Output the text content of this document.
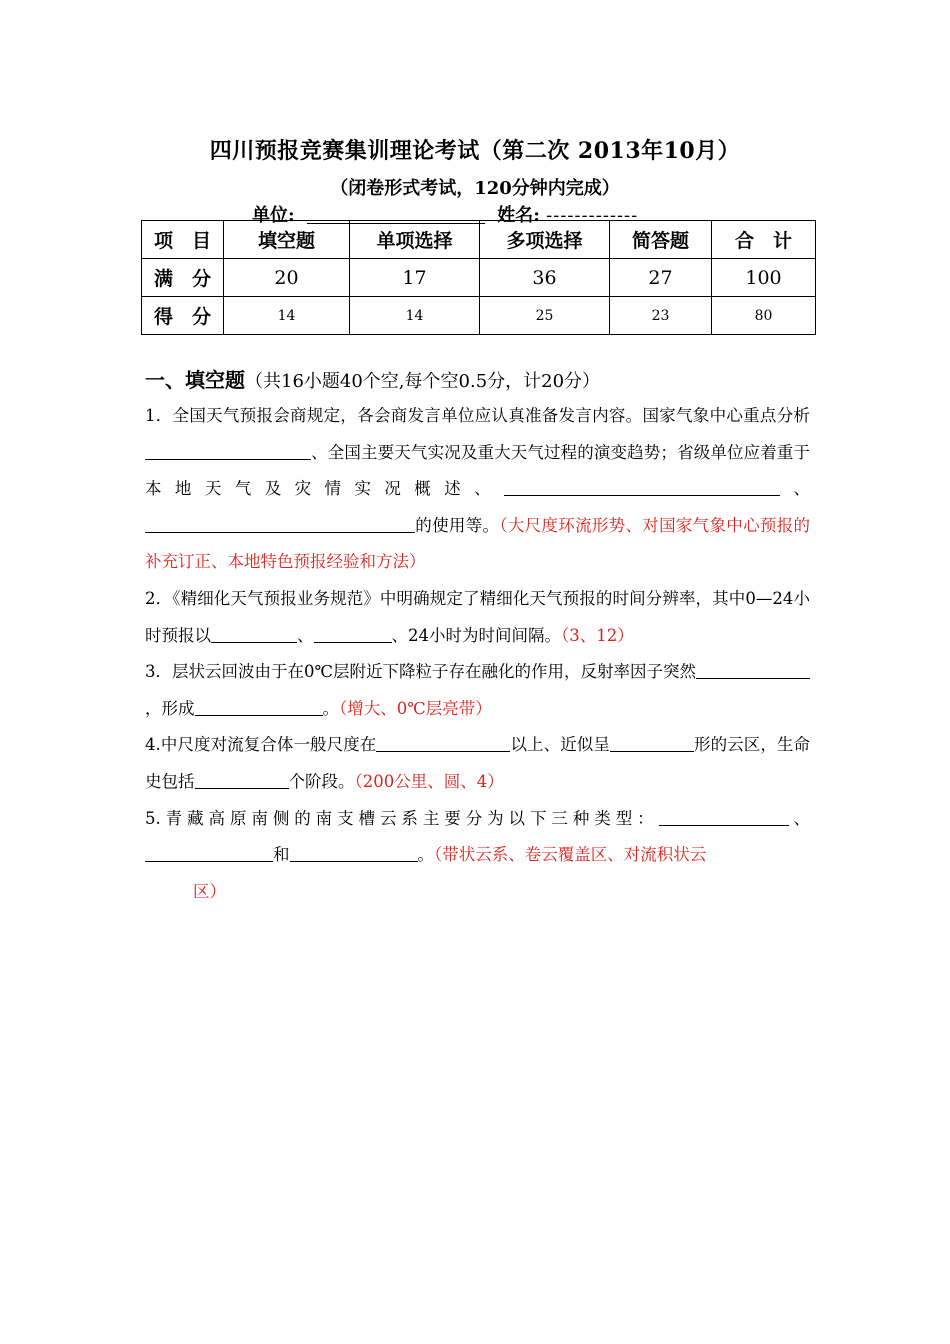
四川预报竞赛集训理论考试（第二次 2013年10月）
（闭卷形式考试，120分钟内完成）
单位:	姓名: -------------
项　目	填空题	单项选择	多项选择	简答题	合　计
满　分	20	17	36	27	100
得　分	14	14	25	23	80
一、填空题（共16小题40个空,每个空0.5分，计20分）

1．全国天气预报会商规定，各会商发言单位应认真准备发言内容。国家气象中心重点分析、全国主要天气实况及重大天气过程的演变趋势；省级单位应着重于本地天气及灾情实况概述、	、的使用等。（大尺度环流形势、对国家气象中心预报的补充订正、本地特色预报经验和方法）

2．《精细化天气预报业务规范》中明确规定了精细化天气预报的时间分辨率，其中0—24小时预报以	、	、24小时为时间间隔。（3、12）

3．层状云回波由于在0℃层附近下降粒子存在融化的作用，反射率因子突然，形成	。（增大、0℃层亮带）

4.中尺度对流复合体一般尺度在	以上、近似呈	形的云区，生命史包括	个阶段。（200公里、圆、4）

5.青藏高原南侧的南支槽云系主要分为以下三种类型：	、和	。（带状云系、卷云覆盖区、对流积状云

区）
